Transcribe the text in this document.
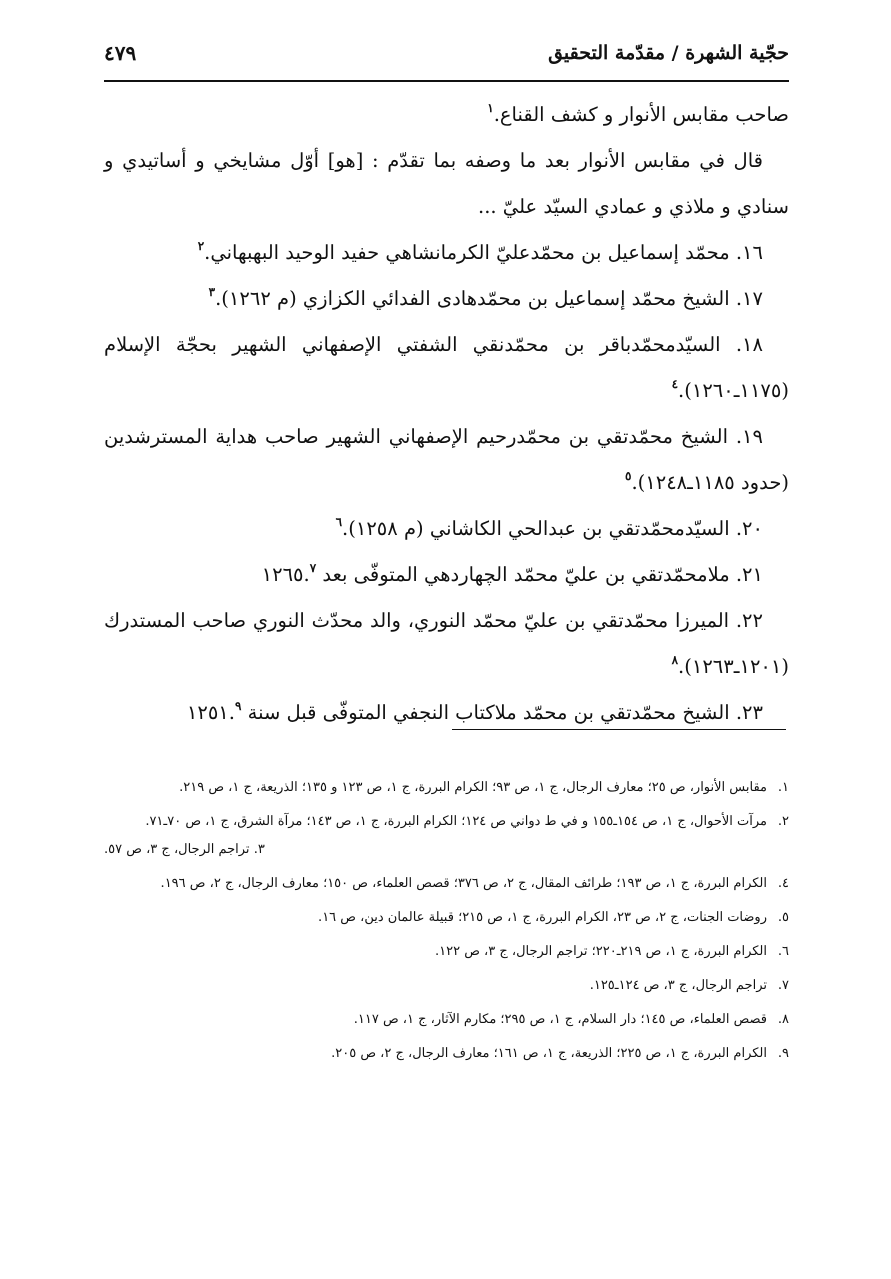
حجّية الشهرة / مقدّمة التحقيق
٤٧٩

صاحب مقابس الأنوار و كشف القناع.$^١$

قال في مقابس الأنوار بعد ما وصفه بما تقدّم : [هو] أوّل مشايخي و أساتيدي و سنادي و ملاذي و عمادي السيّد عليّ ...

١٦. محمّد إسماعيل بن محمّدعليّ الكرمانشاهي حفيد الوحيد البهبهاني.$^٢$

١٧. الشيخ محمّد إسماعيل بن محمّدهادى الفدائي الكزازي (م ١٢٦٢).$^٣$

١٨. السيّدمحمّدباقر بن محمّدنقي الشفتي الإصفهاني الشهير بحجّة الإسلام (١١٧٥ـ١٢٦٠).$^٤$

١٩. الشيخ محمّدتقي بن محمّدرحيم الإصفهاني الشهير صاحب هداية المسترشدين (حدود ١١٨٥ـ١٢٤٨).$^٥$

٢٠. السيّدمحمّدتقي بن عبدالحي الكاشاني (م ١٢٥٨).$^٦$

٢١. ملامحمّدتقي بن عليّ محمّد الچهاردهي المتوفّى بعد ١٢٦٥.$^٧$

٢٢. الميرزا محمّدتقي بن عليّ محمّد النوري، والد محدّث النوري صاحب المستدرك (١٢٠١ـ١٢٦٣).$^٨$

٢٣. الشيخ محمّدتقي بن محمّد ملاكتاب النجفي المتوفّى قبل سنة ١٢٥١.$^٩$

١.
مقابس الأنوار، ص ٢٥؛ معارف الرجال، ج ١، ص ٩٣؛ الكرام البررة، ج ١، ص ١٢٣ و ١٣٥؛ الذريعة، ج ١، ص ٢١٩.
٢.
مرآت الأحوال، ج ١، ص ١٥٤ـ١٥٥ و في ط دواني ص ١٢٤؛ الكرام البررة، ج ١، ص ١٤٣؛ مرآة الشرق، ج ١، ص ٧٠ـ٧١.
٣. تراجم الرجال، ج ٣، ص ٥٧.
٤.
الكرام البررة، ج ١، ص ١٩٣؛ طرائف المقال، ج ٢، ص ٣٧٦؛ قصص العلماء، ص ١٥٠؛ معارف الرجال، ج ٢، ص ١٩٦.
٥.
روضات الجنات، ج ٢، ص ٢٣، الكرام البررة، ج ١، ص ٢١٥؛ قبيلة عالمان دين، ص ١٦.
٦.
الكرام البررة، ج ١، ص ٢١٩ـ٢٢٠؛ تراجم الرجال، ج ٣، ص ١٢٢.
٧.
تراجم الرجال، ج ٣، ص ١٢٤ـ١٢٥.
٨.
قصص العلماء، ص ١٤٥؛ دار السلام، ج ١، ص ٢٩٥؛ مكارم الآثار، ج ١، ص ١١٧.
٩.
الكرام البررة، ج ١، ص ٢٢٥؛ الذريعة، ج ١، ص ١٦١؛ معارف الرجال، ج ٢، ص ٢٠٥.
